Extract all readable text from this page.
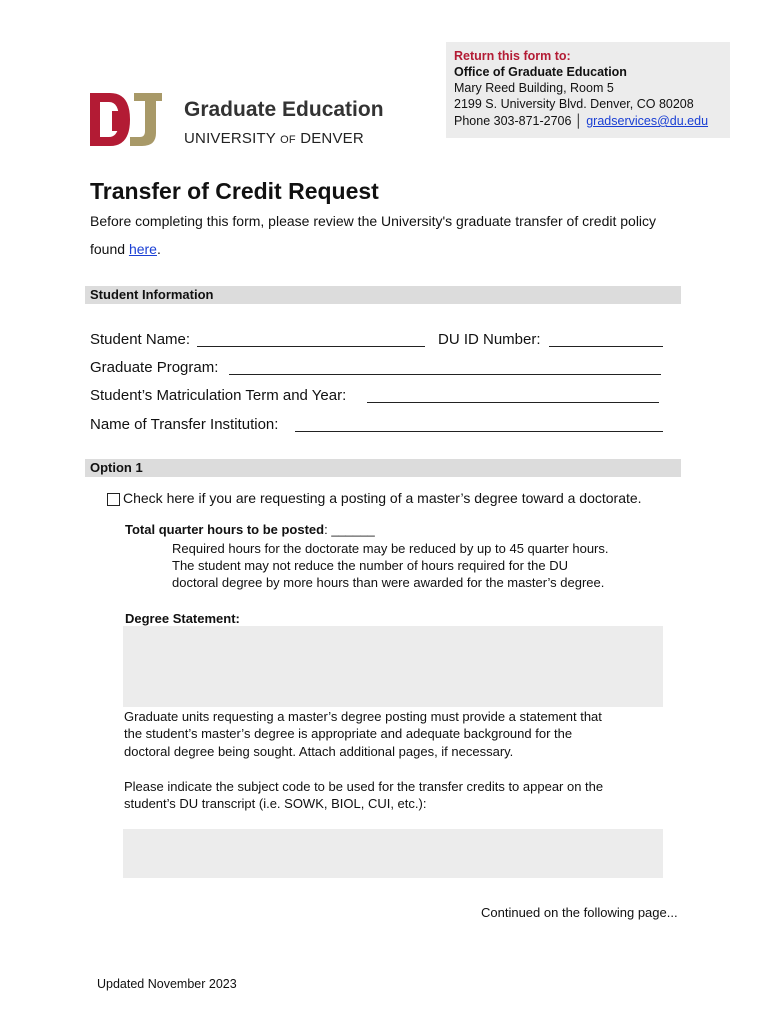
Return this form to:
Office of Graduate Education
Mary Reed Building, Room 5
2199 S. University Blvd. Denver, CO 80208
Phone 303-871-2706 │ gradservices@du.edu
Graduate Education
UNIVERSITY OF DENVER
Transfer of Credit Request
Before completing this form, please review the University's graduate transfer of credit policy
found here.
Student Information
Student Name:	DU ID Number:
Graduate Program:
Student’s Matriculation Term and Year:
Name of Transfer Institution:
Option 1
Check here if you are requesting a posting of a master’s degree toward a doctorate.
Total quarter hours to be posted: ______
Required hours for the doctorate may be reduced by up to 45 quarter hours.
The student may not reduce the number of hours required for the DU
doctoral degree by more hours than were awarded for the master’s degree.
Degree Statement:
Graduate units requesting a master’s degree posting must provide a statement that
the student’s master’s degree is appropriate and adequate background for the
doctoral degree being sought. Attach additional pages, if necessary.
Please indicate the subject code to be used for the transfer credits to appear on the
student’s DU transcript (i.e. SOWK, BIOL, CUI, etc.):
Continued on the following page...
Updated November 2023
